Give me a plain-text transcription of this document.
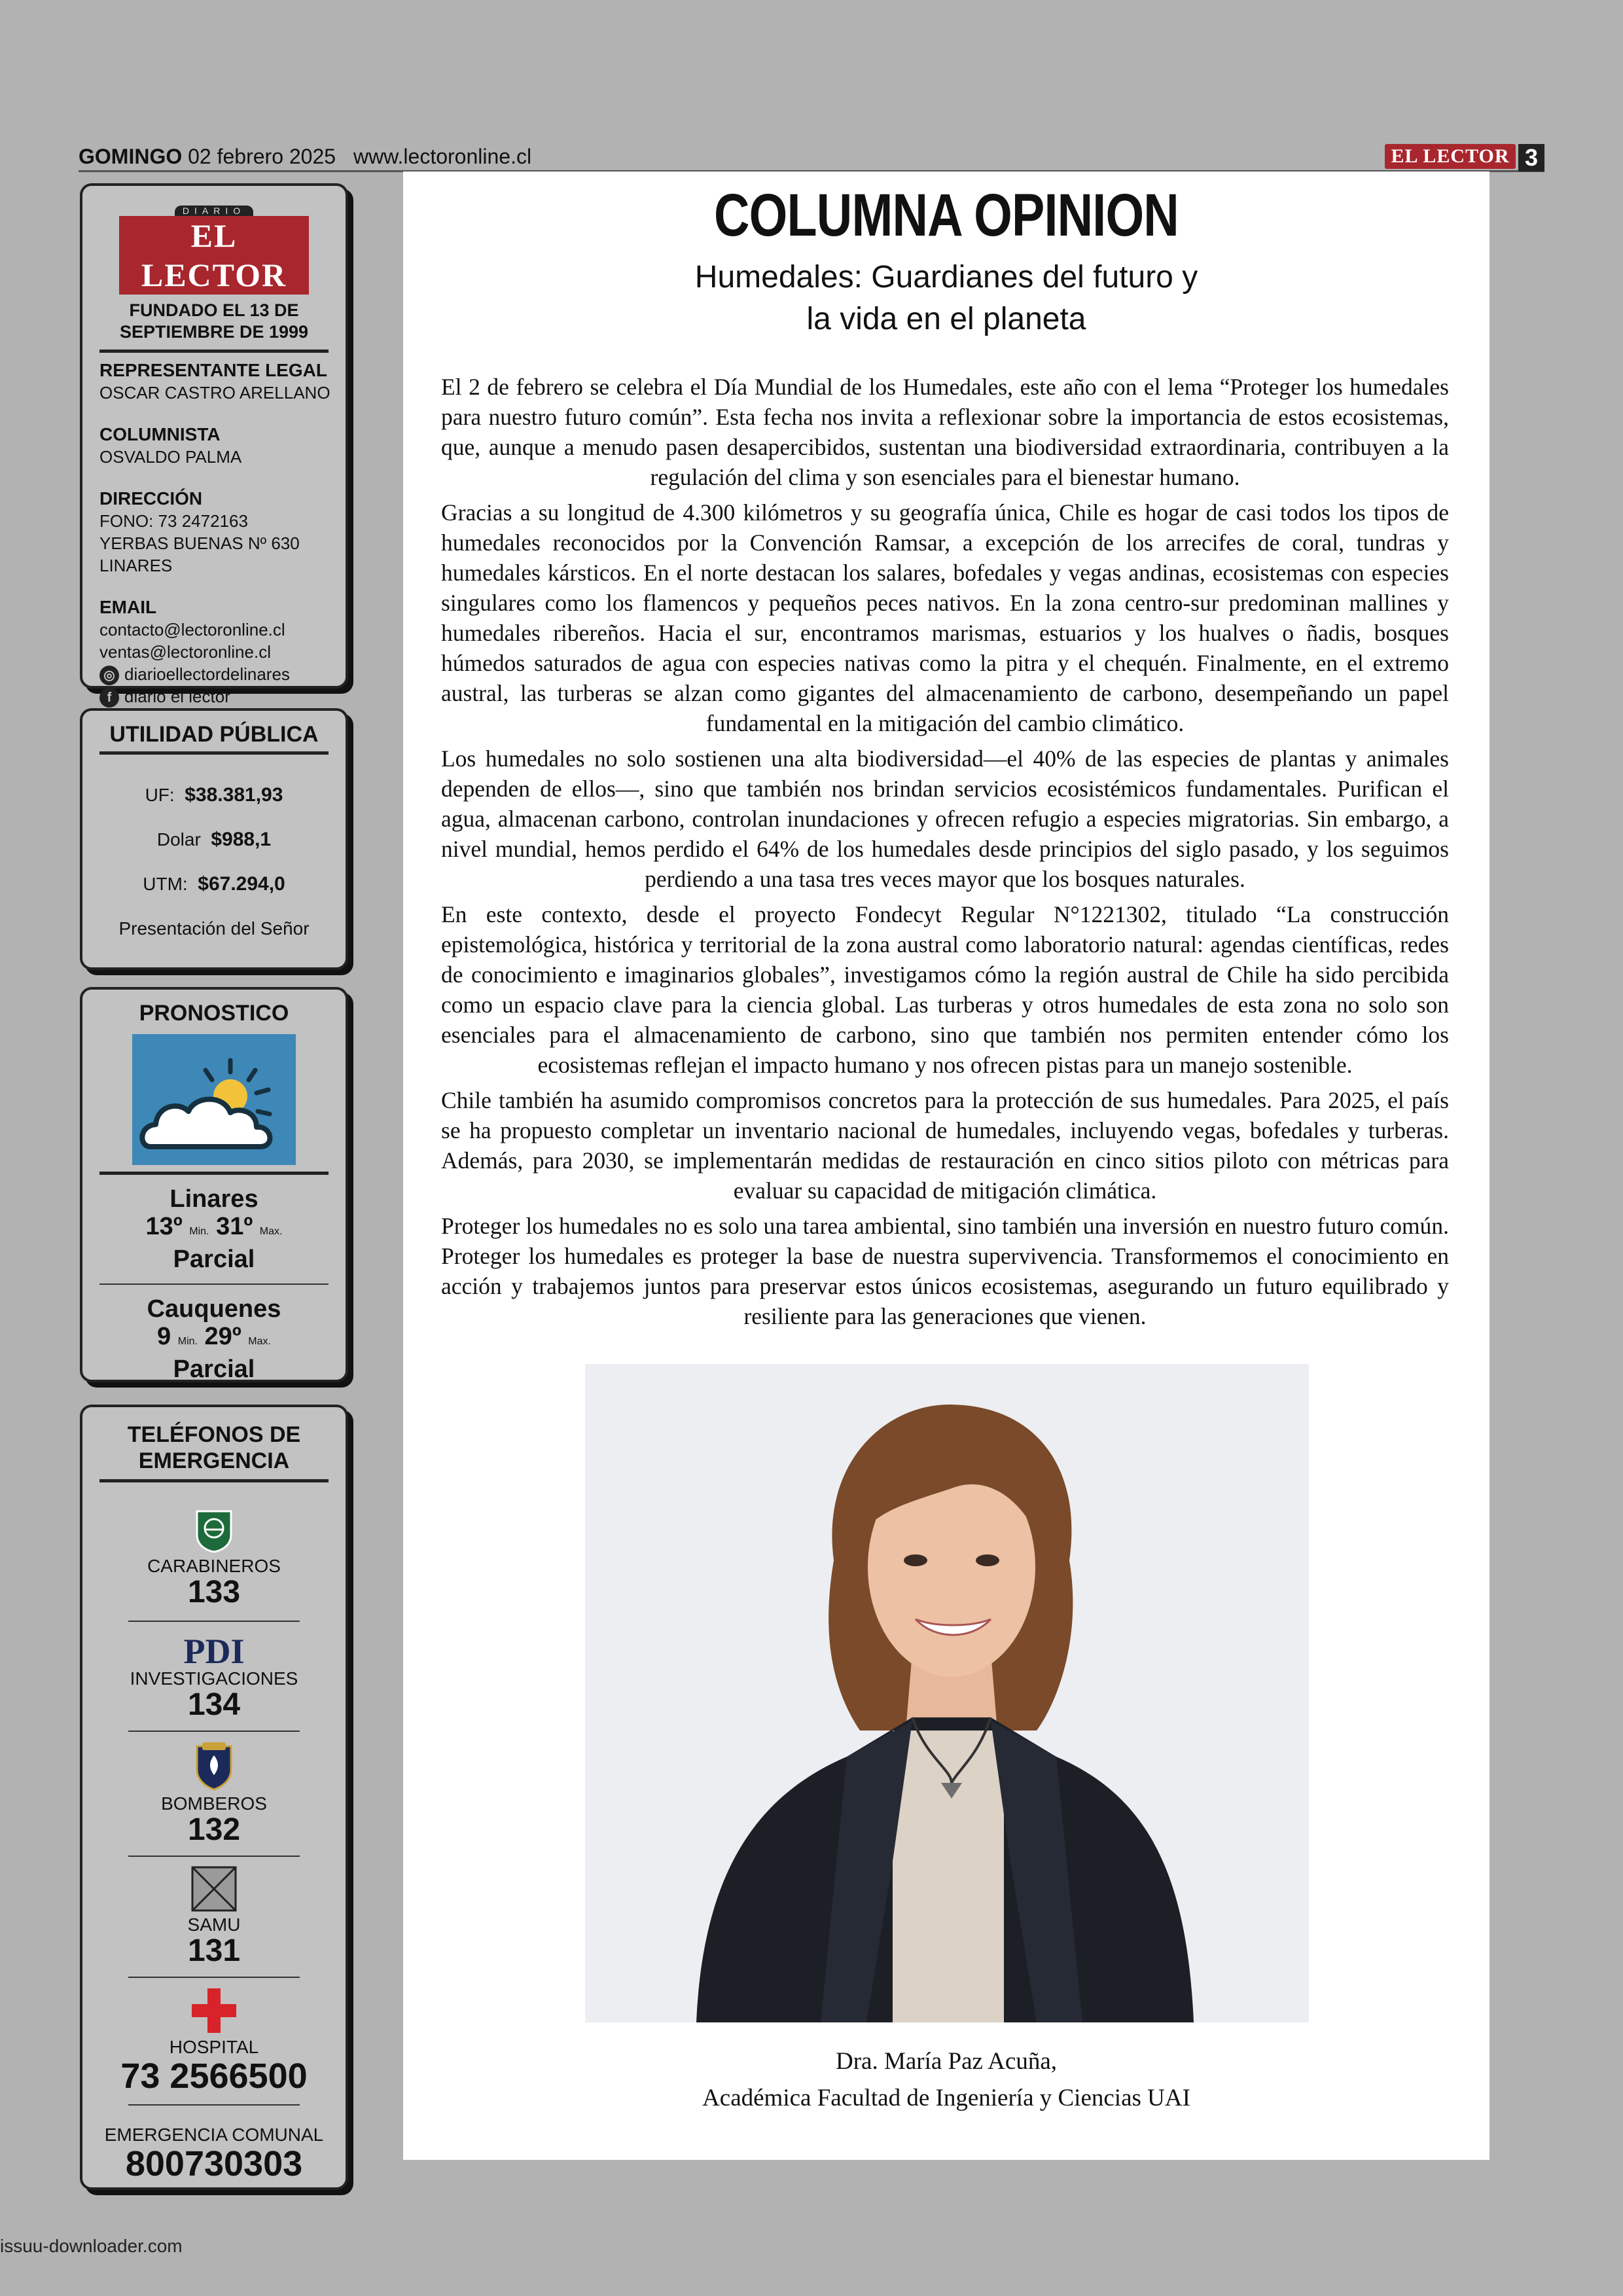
GOMINGO 02 febrero 2025 www.lectoronline.cl	EL LECTOR 3
DIARIO
EL LECTOR
FUNDADO EL 13 DE SEPTIEMBRE DE 1999
REPRESENTANTE LEGAL
OSCAR CASTRO ARELLANO
COLUMNISTA
OSVALDO PALMA
DIRECCIÓN
FONO: 73 2472163
YERBAS BUENAS Nº 630
LINARES
EMAIL
contacto@lectoronline.cl
ventas@lectoronline.cl
◎ diarioellectordelinares
f diario el lector
UTILIDAD PÚBLICA
UF: $38.381,93
Dolar $988,1
UTM: $67.294,0
Presentación del Señor
PRONOSTICO
Linares
13º Min. 31º Max.
Parcial
Cauquenes
9 Min. 29º Max.
Parcial
TELÉFONOS DE EMERGENCIA
CARABINEROS
133
PDI
INVESTIGACIONES
134
BOMBEROS
132
SAMU
131
HOSPITAL
73 2566500
EMERGENCIA COMUNAL
800730303
COLUMNA OPINION
Humedales: Guardianes del futuro y
la vida en el planeta

El 2 de febrero se celebra el Día Mundial de los Humedales, este año con el lema “Proteger los humedales para nuestro futuro común”. Esta fecha nos invita a reflexionar sobre la importancia de estos ecosistemas, que, aunque a menudo pasen desapercibidos, sustentan una biodiversidad extraordinaria, contribuyen a la regulación del clima y son esenciales para el bienestar humano.

Gracias a su longitud de 4.300 kilómetros y su geografía única, Chile es hogar de casi todos los tipos de humedales reconocidos por la Convención Ramsar, a excepción de los arrecifes de coral, tundras y humedales kársticos. En el norte destacan los salares, bofedales y vegas andinas, ecosistemas con especies singulares como los flamencos y pequeños peces nativos. En la zona centro-sur predominan mallines y humedales ribereños. Hacia el sur, encontramos marismas, estuarios y los hualves o ñadis, bosques húmedos saturados de agua con especies nativas como la pitra y el chequén. Finalmente, en el extremo austral, las turberas se alzan como gigantes del almacenamiento de carbono, desempeñando un papel fundamental en la mitigación del cambio climático.

Los humedales no solo sostienen una alta biodiversidad—el 40% de las especies de plantas y animales dependen de ellos—, sino que también nos brindan servicios ecosistémicos fundamentales. Purifican el agua, almacenan carbono, controlan inundaciones y ofrecen refugio a especies migratorias. Sin embargo, a nivel mundial, hemos perdido el 64% de los humedales desde principios del siglo pasado, y los seguimos perdiendo a una tasa tres veces mayor que los bosques naturales.

En este contexto, desde el proyecto Fondecyt Regular N°1221302, titulado “La construcción epistemológica, histórica y territorial de la zona austral como laboratorio natural: agendas científicas, redes de conocimiento e imaginarios globales”, investigamos cómo la región austral de Chile ha sido percibida como un espacio clave para la ciencia global. Las turberas y otros humedales de esta zona no solo son esenciales para el almacenamiento de carbono, sino que también nos permiten entender cómo los ecosistemas reflejan el impacto humano y nos ofrecen pistas para un manejo sostenible.

Chile también ha asumido compromisos concretos para la protección de sus humedales. Para 2025, el país se ha propuesto completar un inventario nacional de humedales, incluyendo vegas, bofedales y turberas. Además, para 2030, se implementarán medidas de restauración en cinco sitios piloto con métricas para evaluar su capacidad de mitigación climática.

Proteger los humedales no es solo una tarea ambiental, sino también una inversión en nuestro futuro común. Proteger los humedales es proteger la base de nuestra supervivencia. Transformemos el conocimiento en acción y trabajemos juntos para preservar estos únicos ecosistemas, asegurando un futuro equilibrado y resiliente para las generaciones que vienen.

Dra. María Paz Acuña,
Académica Facultad de Ingeniería y Ciencias UAI
issuu-downloader.com
